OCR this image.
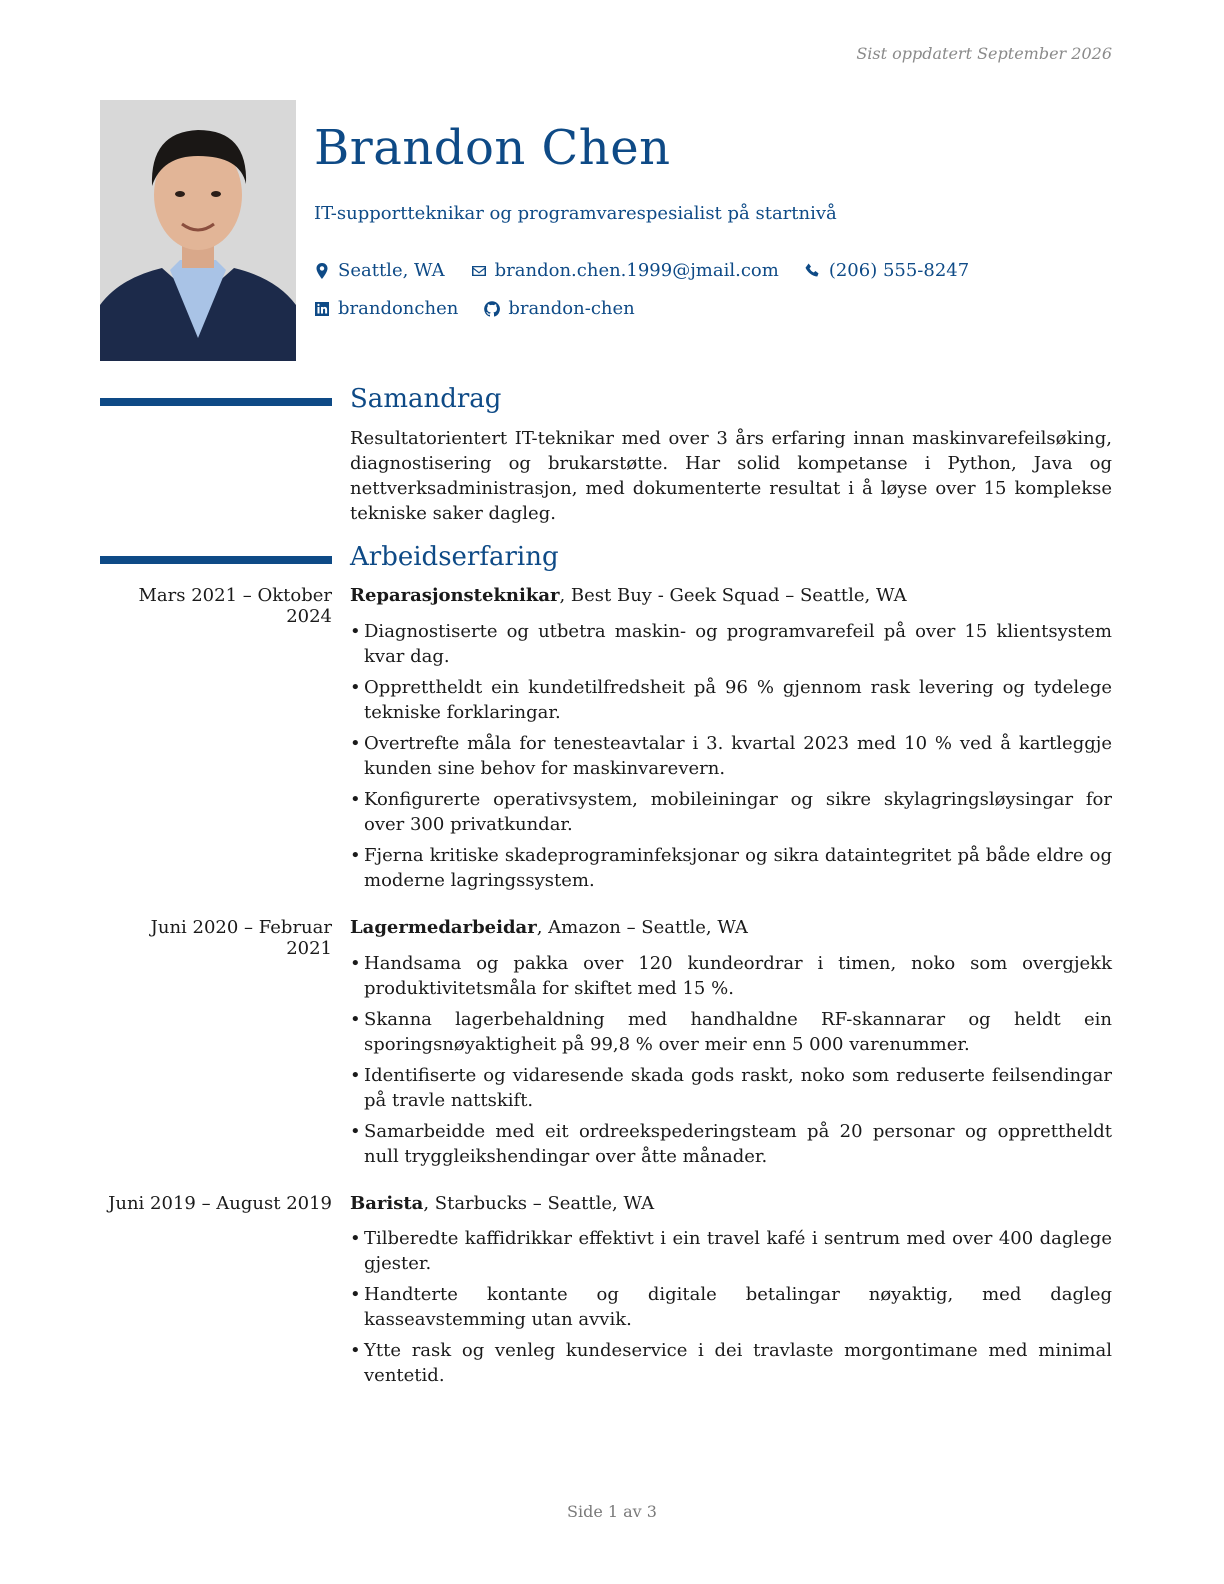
Sist oppdatert September 2026
Brandon Chen
IT-supportteknikar og programvarespesialist på startnivå
Seattle, WA	brandon.chen.1999@jmail.com	(206) 555-8247
brandonchen	brandon-chen
Samandrag

Resultatorientert IT-teknikar med over 3 års erfaring innan maskinvarefeilsøking, diagnostisering og brukarstøtte. Har solid kompetanse i Python, Java og nettverksadministrasjon, med dokumenterte resultat i å løyse over 15 komplekse tekniske saker dagleg.

Arbeidserfaring
Mars 2021 – Oktober 2024
Reparasjonsteknikar, Best Buy - Geek Squad – Seattle, WA
• Diagnostiserte og utbetra maskin- og programvarefeil på over 15 klientsystem kvar dag.
• Opprettheldt ein kundetilfredsheit på 96 % gjennom rask levering og tydelege tekniske forklaringar.
• Overtrefte måla for tenesteavtalar i 3. kvartal 2023 med 10 % ved å kartleggje kunden sine behov for maskinvarevern.
• Konfigurerte operativsystem, mobileiningar og sikre skylagringsløysingar for over 300 privatkundar.
• Fjerna kritiske skadeprograminfeksjonar og sikra dataintegritet på både eldre og moderne lagringssystem.
Juni 2020 – Februar 2021
Lagermedarbeidar, Amazon – Seattle, WA
• Handsama og pakka over 120 kundeordrar i timen, noko som overgjekk produktivitetsmåla for skiftet med 15 %.
• Skanna lagerbehaldning med handhaldne RF-skannarar og heldt ein sporingsnøyaktigheit på 99,8 % over meir enn 5 000 varenummer.
• Identifiserte og vidaresende skada gods raskt, noko som reduserte feilsendingar på travle nattskift.
• Samarbeidde med eit ordreekspederingsteam på 20 personar og opprettheldt null tryggleikshendingar over åtte månader.
Juni 2019 – August 2019 Barista, Starbucks – Seattle, WA
• Tilberedte kaffidrikkar effektivt i ein travel kafé i sentrum med over 400 daglege gjester.
• Handterte kontante og digitale betalingar nøyaktig, med dagleg kasseavstemming utan avvik.
• Ytte rask og venleg kundeservice i dei travlaste morgontimane med minimal ventetid.
Side 1 av 3
